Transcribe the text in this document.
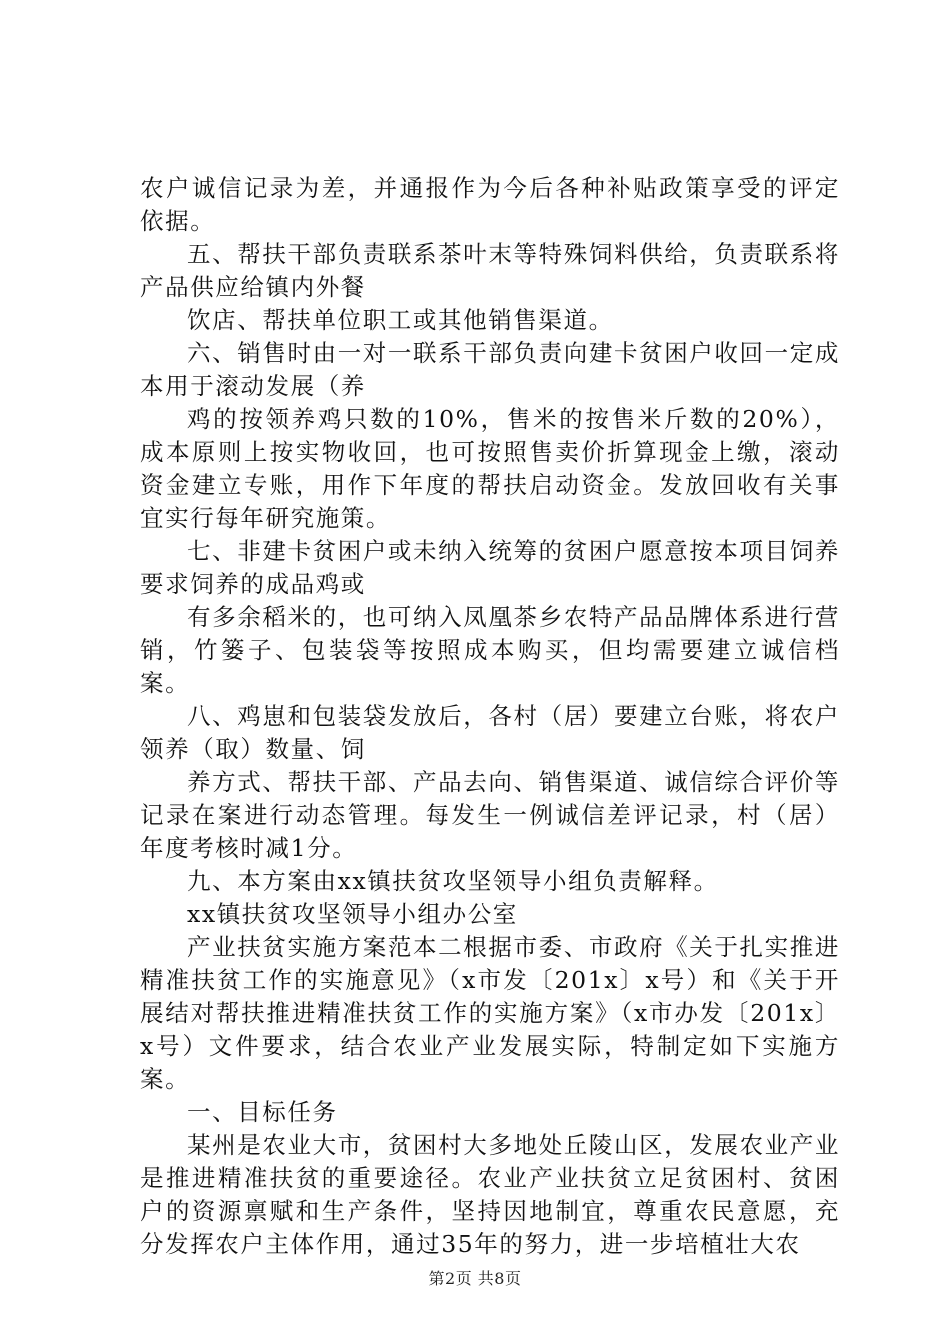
农户诚信记录为差，并通报作为今后各种补贴政策享受的评定依据。

五、帮扶干部负责联系茶叶末等特殊饲料供给，负责联系将产品供应给镇内外餐

饮店、帮扶单位职工或其他销售渠道。

六、销售时由一对一联系干部负责向建卡贫困户收回一定成本用于滚动发展（养

鸡的按领养鸡只数的10%，售米的按售米斤数的20%），成本原则上按实物收回，也可按照售卖价折算现金上缴，滚动资金建立专账，用作下年度的帮扶启动资金。发放回收有关事宜实行每年研究施策。

七、非建卡贫困户或未纳入统筹的贫困户愿意按本项目饲养要求饲养的成品鸡或

有多余稻米的，也可纳入凤凰茶乡农特产品品牌体系进行营销，竹篓子、包装袋等按照成本购买，但均需要建立诚信档案。

八、鸡崽和包装袋发放后，各村（居）要建立台账，将农户领养（取）数量、饲

养方式、帮扶干部、产品去向、销售渠道、诚信综合评价等记录在案进行动态管理。每发生一例诚信差评记录，村（居）年度考核时减1分。

九、本方案由xx镇扶贫攻坚领导小组负责解释。

xx镇扶贫攻坚领导小组办公室

产业扶贫实施方案范本二根据市委、市政府《关于扎实推进精准扶贫工作的实施意见》（x市发〔201x〕x号）和《关于开展结对帮扶推进精准扶贫工作的实施方案》（x市办发〔201x〕x号）文件要求，结合农业产业发展实际，特制定如下实施方案。

一、目标任务

某州是农业大市，贫困村大多地处丘陵山区，发展农业产业是推进精准扶贫的重要途径。农业产业扶贫立足贫困村、贫困户的资源禀赋和生产条件，坚持因地制宜，尊重农民意愿，充分发挥农户主体作用，通过35年的努力，进一步培植壮大农

第2页 共8页
